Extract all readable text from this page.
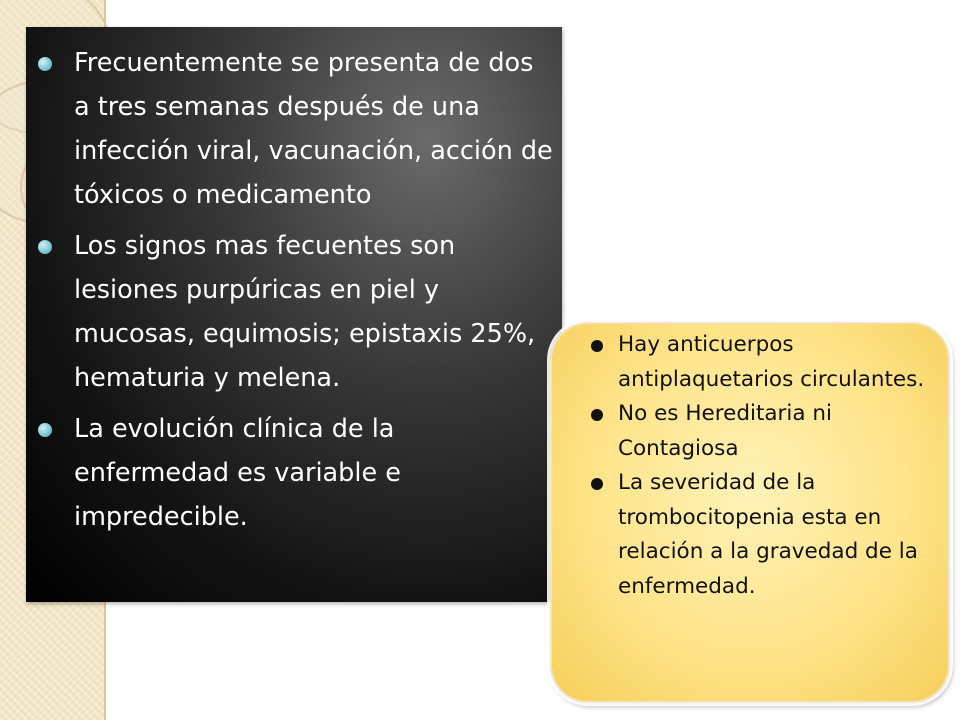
Frecuentemente se presenta de dos a tres semanas después de una infección viral, vacunación, acción de tóxicos o medicamento
Los signos mas fecuentes son lesiones purpúricas en piel y mucosas, equimosis; epistaxis 25%, hematuria y melena.
La evolución clínica de la enfermedad es variable e impredecible.
Hay anticuerpos antiplaquetarios circulantes.
No es Hereditaria ni Contagiosa
La severidad de la trombocitopenia esta en relación a la gravedad de la enfermedad.
